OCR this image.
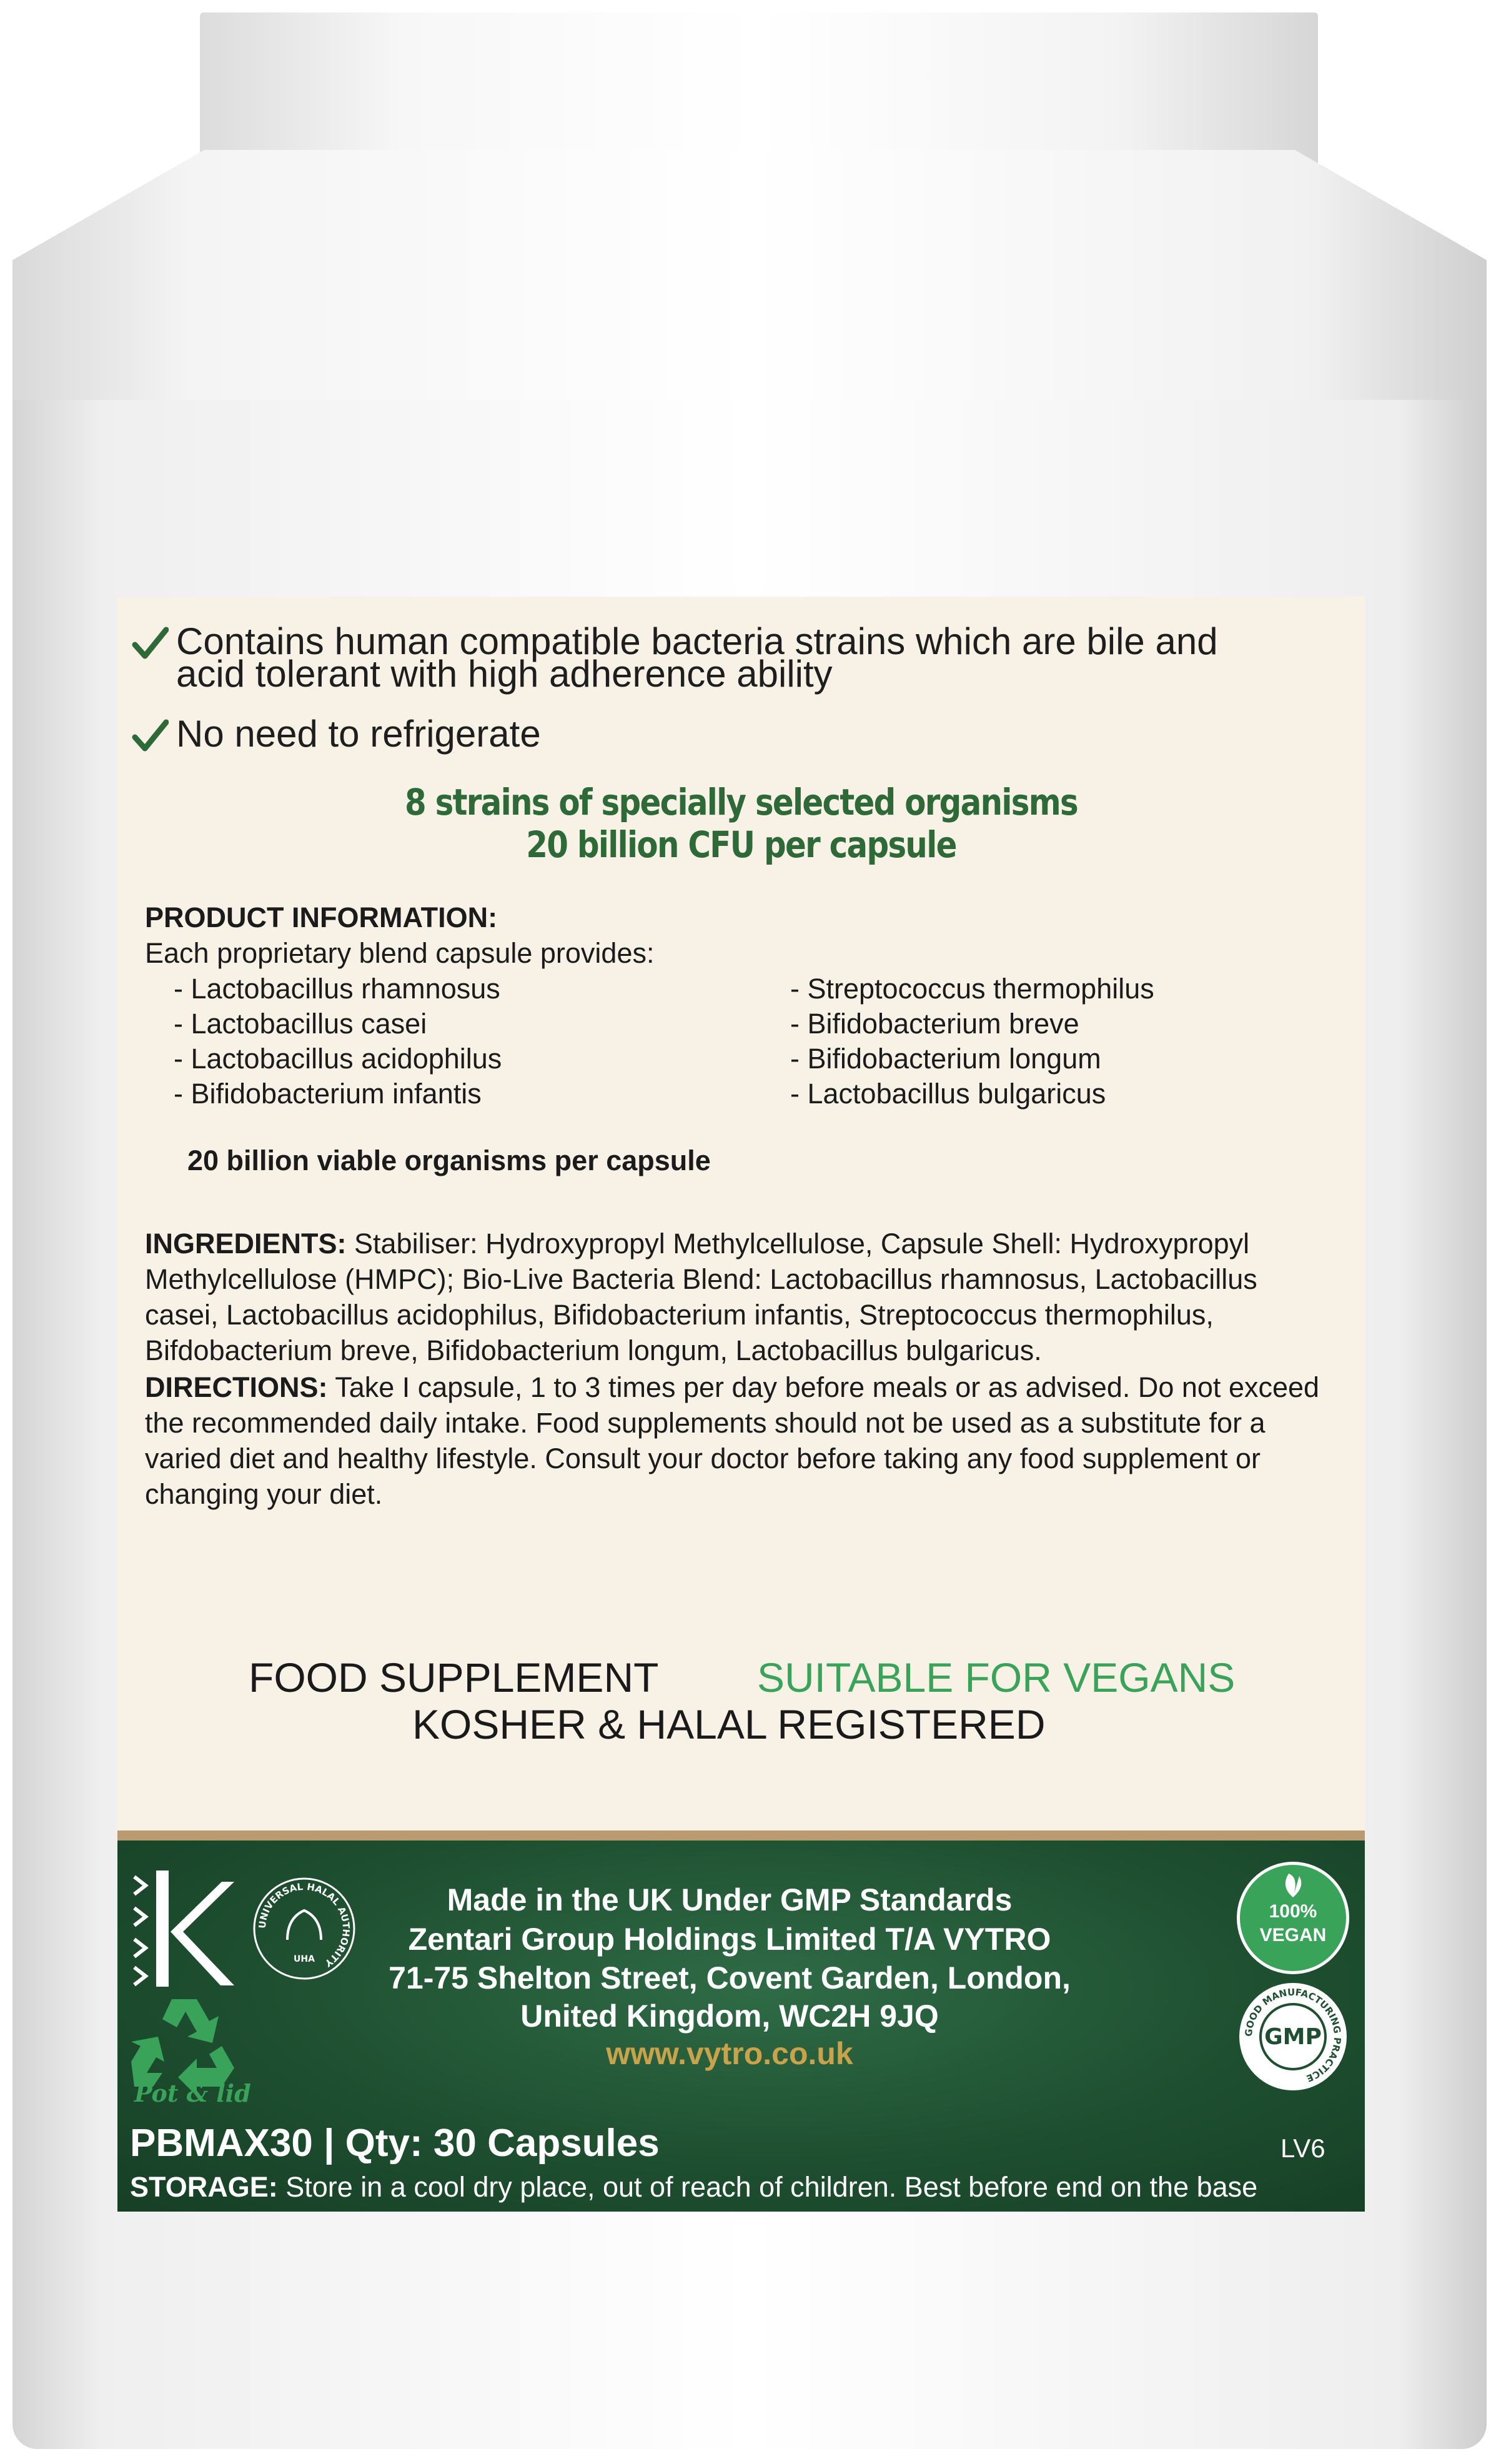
Contains human compatible bacteria strains which are bile and
acid tolerant with high adherence ability
No need to refrigerate
8 strains of specially selected organisms
20 billion CFU per capsule
PRODUCT INFORMATION:
Each proprietary blend capsule provides:
- Lactobacillus rhamnosus
- Lactobacillus casei
- Lactobacillus acidophilus
- Bifidobacterium infantis
- Streptococcus thermophilus
- Bifidobacterium breve
- Bifidobacterium longum
- Lactobacillus bulgaricus
20 billion viable organisms per capsule
INGREDIENTS: Stabiliser: Hydroxypropyl Methylcellulose, Capsule Shell: Hydroxypropyl Methylcellulose (HMPC); Bio-Live Bacteria Blend: Lactobacillus rhamnosus, Lactobacillus casei, Lactobacillus acidophilus, Bifidobacterium infantis, Streptococcus thermophilus, Bifdobacterium breve, Bifidobacterium longum, Lactobacillus bulgaricus.
DIRECTIONS: Take I capsule, 1 to 3 times per day before meals or as advised. Do not exceed the recommended daily intake. Food supplements should not be used as a substitute for a varied diet and healthy lifestyle. Consult your doctor before taking any food supplement or changing your diet.
FOOD SUPPLEMENT SUITABLE FOR VEGANS
KOSHER & HALAL REGISTERED
UNIVERSAL HALAL AUTHORITY
UHA
Pot & lid
Made in the UK Under GMP Standards
Zentari Group Holdings Limited T/A VYTRO
71-75 Shelton Street, Covent Garden, London,
United Kingdom, WC2H 9JQ
www.vytro.co.uk
100%
VEGAN
GOOD MANUFACTURING PRACTICE
GMP
PBMAX30 | Qty: 30 Capsules	LV6
STORAGE: Store in a cool dry place, out of reach of children. Best before end on the base
